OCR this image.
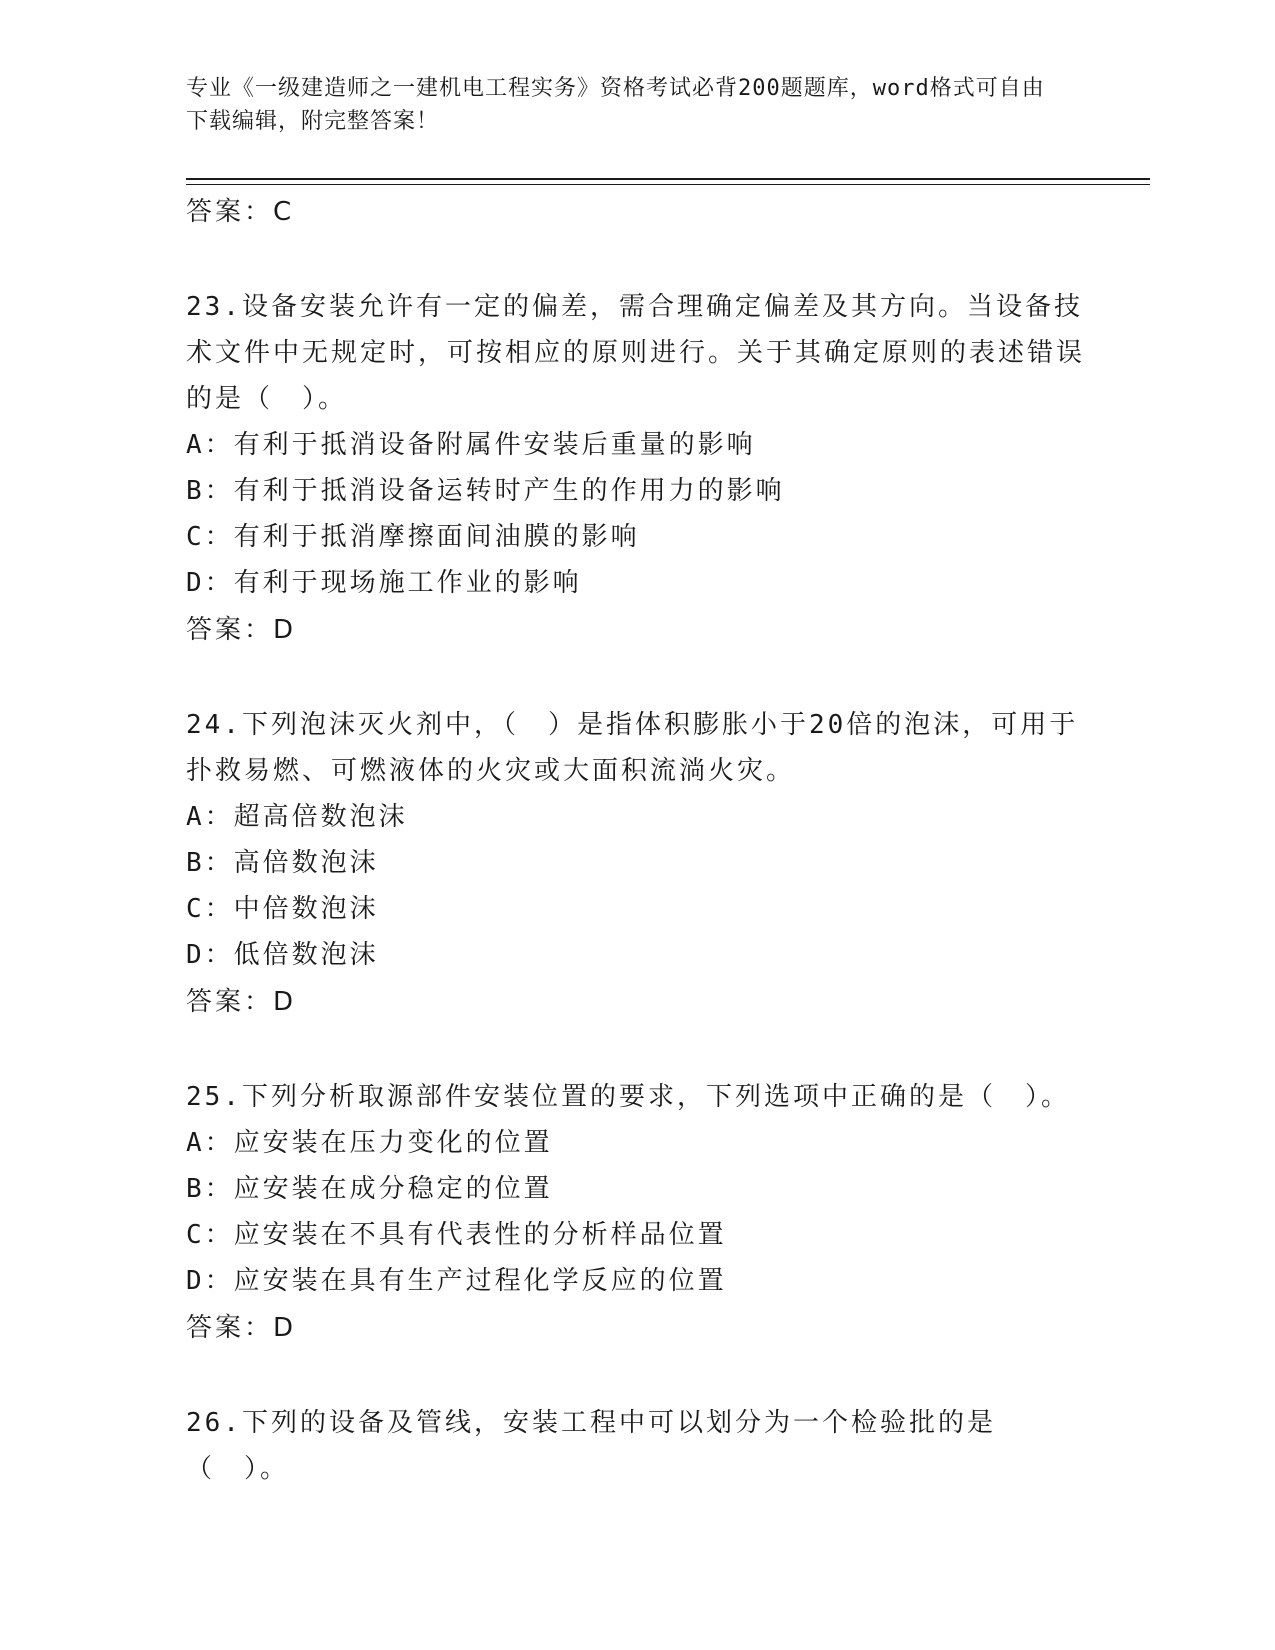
专业《一级建造师之一建机电工程实务》资格考试必背200题题库，word格式可自由下载编辑，附完整答案！
答案：C
23.设备安装允许有一定的偏差，需合理确定偏差及其方向。当设备技术文件中无规定时，可按相应的原则进行。关于其确定原则的表述错误的是（　）。
A：有利于抵消设备附属件安装后重量的影响
B：有利于抵消设备运转时产生的作用力的影响
C：有利于抵消摩擦面间油膜的影响
D：有利于现场施工作业的影响
答案：D
24.下列泡沫灭火剂中，（　）是指体积膨胀小于20倍的泡沫，可用于扑救易燃、可燃液体的火灾或大面积流淌火灾。
A：超高倍数泡沫
B：高倍数泡沫
C：中倍数泡沫
D：低倍数泡沫
答案：D
25.下列分析取源部件安装位置的要求，下列选项中正确的是（　）。
A：应安装在压力变化的位置
B：应安装在成分稳定的位置
C：应安装在不具有代表性的分析样品位置
D：应安装在具有生产过程化学反应的位置
答案：D
26.下列的设备及管线，安装工程中可以划分为一个检验批的是（　）。
